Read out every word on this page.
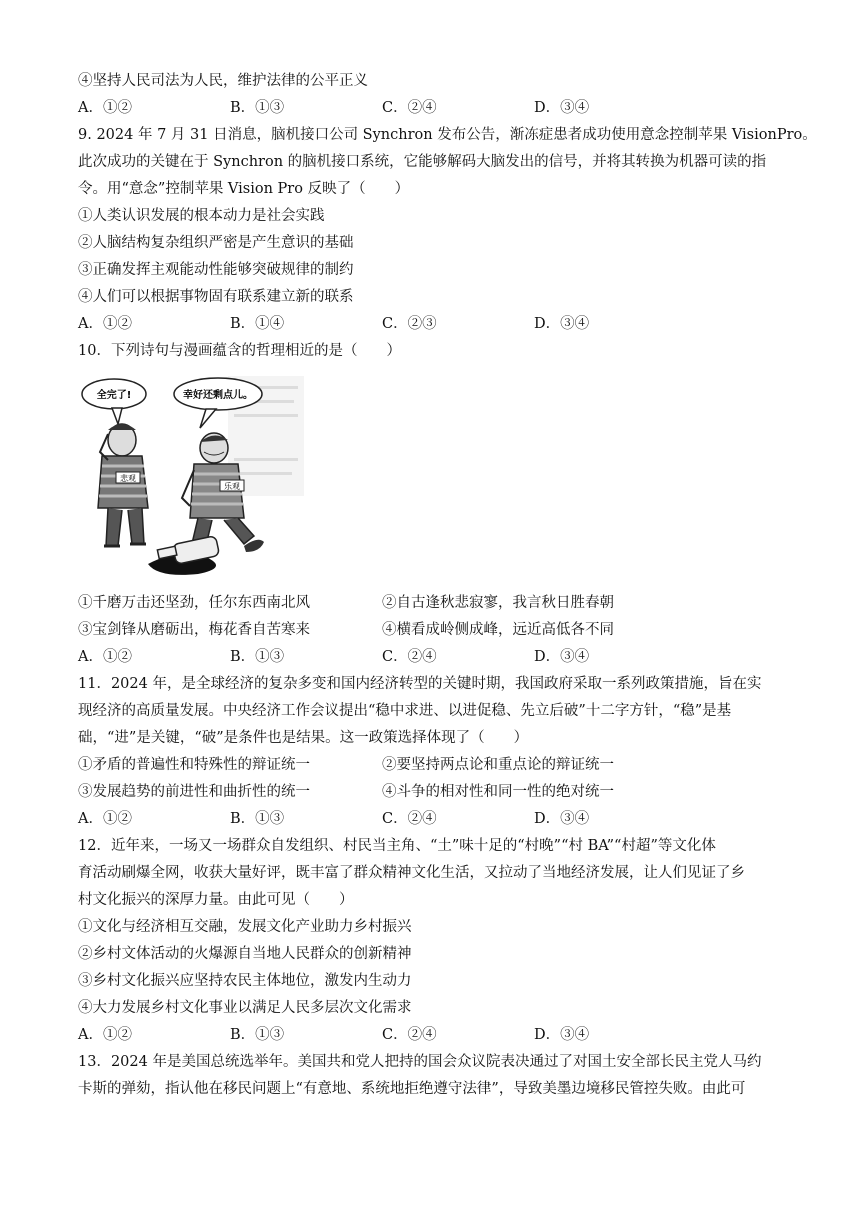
④坚持人民司法为人民，维护法律的公平正义
A．①②	B．①③	C．②④	D．③④
9. 2024 年 7 月 31 日消息，脑机接口公司 Synchron 发布公告，渐冻症患者成功使用意念控制苹果 VisionPro。
此次成功的关键在于 Synchron 的脑机接口系统，它能够解码大脑发出的信号，并将其转换为机器可读的指
令。用“意念”控制苹果 Vision Pro 反映了（　　）
①人类认识发展的根本动力是社会实践
②人脑结构复杂组织严密是产生意识的基础
③正确发挥主观能动性能够突破规律的制约
④人们可以根据事物固有联系建立新的联系
A．①②	B．①④	C．②③	D．③④
10．下列诗句与漫画蕴含的哲理相近的是（　　）
全完了!	幸好还剩点儿。
悲观
乐观
①千磨万击还坚劲，任尔东西南北风	②自古逢秋悲寂寥，我言秋日胜春朝
③宝剑锋从磨砺出，梅花香自苦寒来	④横看成岭侧成峰，远近高低各不同
A．①②	B．①③	C．②④	D．③④
11．2024 年，是全球经济的复杂多变和国内经济转型的关键时期，我国政府采取一系列政策措施，旨在实
现经济的高质量发展。中央经济工作会议提出“稳中求进、以进促稳、先立后破”十二字方针，“稳”是基
础，“进”是关键，“破”是条件也是结果。这一政策选择体现了（　　）
①矛盾的普遍性和特殊性的辩证统一	②要坚持两点论和重点论的辩证统一
③发展趋势的前进性和曲折性的统一	④斗争的相对性和同一性的绝对统一
A．①②	B．①③	C．②④	D．③④
12．近年来，一场又一场群众自发组织、村民当主角、“土”味十足的“村晚”“村 BA”“村超”等文化体
育活动刷爆全网，收获大量好评，既丰富了群众精神文化生活，又拉动了当地经济发展，让人们见证了乡
村文化振兴的深厚力量。由此可见（　　）
①文化与经济相互交融，发展文化产业助力乡村振兴
②乡村文体活动的火爆源自当地人民群众的创新精神
③乡村文化振兴应坚持农民主体地位，激发内生动力
④大力发展乡村文化事业以满足人民多层次文化需求
A．①②	B．①③	C．②④	D．③④
13．2024 年是美国总统选举年。美国共和党人把持的国会众议院表决通过了对国土安全部长民主党人马约
卡斯的弹劾，指认他在移民问题上“有意地、系统地拒绝遵守法律”，导致美墨边境移民管控失败。由此可
